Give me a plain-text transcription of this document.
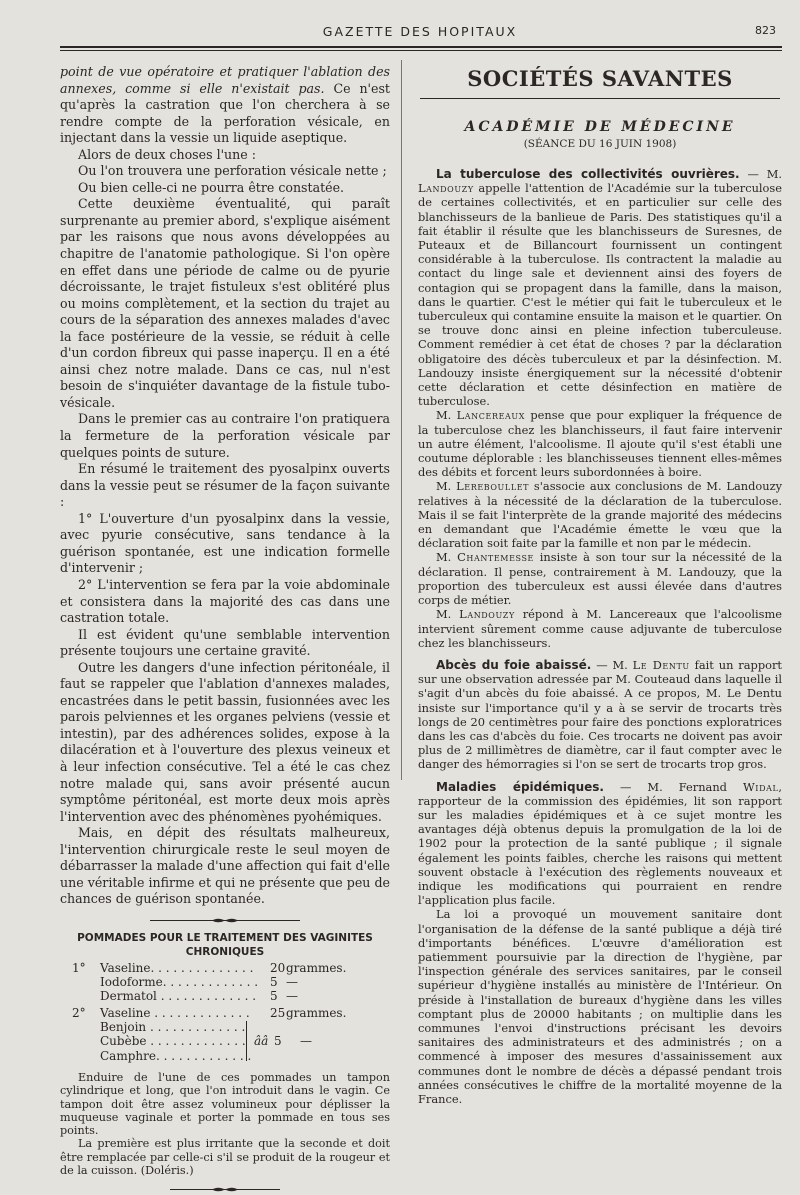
GAZETTE DES HOPITAUX	823

point de vue opératoire et pratiquer l'ablation des annexes, comme si elle n'existait pas. Ce n'est qu'après la castration que l'on cherchera à se rendre compte de la perforation vésicale, en injectant dans la vessie un liquide aseptique.

Alors de deux choses l'une :

Ou l'on trouvera une perforation vésicale nette ;

Ou bien celle-ci ne pourra être constatée.

Cette deuxième éventualité, qui paraît surprenante au premier abord, s'explique aisément par les raisons que nous avons développées au chapitre de l'anatomie pathologique. Si l'on opère en effet dans une période de calme ou de pyurie décroissante, le trajet fistuleux s'est oblitéré plus ou moins complètement, et la section du trajet au cours de la séparation des annexes malades d'avec la face postérieure de la vessie, se réduit à celle d'un cordon fibreux qui passe inaperçu. Il en a été ainsi chez notre malade. Dans ce cas, nul n'est besoin de s'inquiéter davantage de la fistule tubo-vésicale.

Dans le premier cas au contraire l'on pratiquera la fermeture de la perforation vésicale par quelques points de suture.

En résumé le traitement des pyosalpinx ouverts dans la vessie peut se résumer de la façon suivante :

1° L'ouverture d'un pyosalpinx dans la vessie, avec pyurie consécutive, sans tendance à la guérison spontanée, est une indication formelle d'intervenir ;

2° L'intervention se fera par la voie abdominale et consistera dans la majorité des cas dans une castration totale.

Il est évident qu'une semblable intervention présente toujours une certaine gravité.

Outre les dangers d'une infection péritonéale, il faut se rappeler que l'ablation d'annexes malades, encastrées dans le petit bassin, fusionnées avec les parois pelviennes et les organes pelviens (vessie et intestin), par des adhérences solides, expose à la dilacération et à l'ouverture des plexus veineux et à leur infection consécutive. Tel a été le cas chez notre malade qui, sans avoir présenté aucun symptôme péritonéal, est morte deux mois après l'intervention avec des phénomènes pyohémiques.

Mais, en dépit des résultats malheureux, l'intervention chirurgicale reste le seul moyen de débarrasser la malade d'une affection qui fait d'elle une véritable infirme et qui ne présente que peu de chances de guérison spontanée.

POMMADES POUR LE TRAITEMENT DES VAGINITES
CHRONIQUES
1° Vaseline. . . . . . . . . . . . . . 20 grammes.
Iodoforme. . . . . . . . . . . . . 5 —
Dermatol . . . . . . . . . . . . . 5 —
2° Vaseline . . . . . . . . . . . . . 25 grammes.
Benjoin . . . . . . . . . . . . .
Cubèbe . . . . . . . . . . . . . ââ	—
5
Camphre. . . . . . . . . . . . .

Enduire de l'une de ces pommades un tampon cylindrique et long, que l'on introduit dans le vagin. Ce tampon doit être assez volumineux pour déplisser la muqueuse vaginale et porter la pommade en tous ses points.

La première est plus irritante que la seconde et doit être remplacée par celle-ci s'il se produit de la rougeur et de la cuisson. (Doléris.)

SOCIÉTÉS SAVANTES
ACADÉMIE DE MÉDECINE
(SÉANCE DU 16 JUIN 1908)

La tuberculose des collectivités ouvrières. — M. Landouzy appelle l'attention de l'Académie sur la tuberculose de certaines collectivités, et en particulier sur celle des blanchisseurs de la banlieue de Paris. Des statistiques qu'il a fait établir il résulte que les blanchisseurs de Suresnes, de Puteaux et de Billancourt fournissent un contingent considérable à la tuberculose. Ils contractent la maladie au contact du linge sale et deviennent ainsi des foyers de contagion qui se propagent dans la famille, dans la maison, dans le quartier. C'est le métier qui fait le tuberculeux et le tuberculeux qui contamine ensuite la maison et le quartier. On se trouve donc ainsi en pleine infection tuberculeuse. Comment remédier à cet état de choses ? par la déclaration obligatoire des décès tuberculeux et par la désinfection. M. Landouzy insiste énergiquement sur la nécessité d'obtenir cette déclaration et cette désinfection en matière de tuberculose.

M. Lancereaux pense que pour expliquer la fréquence de la tuberculose chez les blanchisseurs, il faut faire intervenir un autre élément, l'alcoolisme. Il ajoute qu'il s'est établi une coutume déplorable : les blanchisseuses tiennent elles-mêmes des débits et forcent leurs subordonnées à boire.

M. Lereboullet s'associe aux conclusions de M. Landouzy relatives à la nécessité de la déclaration de la tuberculose. Mais il se fait l'interprète de la grande majorité des médecins en demandant que l'Académie émette le vœu que la déclaration soit faite par la famille et non par le médecin.

M. Chantemesse insiste à son tour sur la nécessité de la déclaration. Il pense, contrairement à M. Landouzy, que la proportion des tuberculeux est aussi élevée dans d'autres corps de métier.

M. Landouzy répond à M. Lancereaux que l'alcoolisme intervient sûrement comme cause adjuvante de tuberculose chez les blanchisseurs.

Abcès du foie abaissé. — M. Le Dentu fait un rapport sur une observation adressée par M. Couteaud dans laquelle il s'agit d'un abcès du foie abaissé. A ce propos, M. Le Dentu insiste sur l'importance qu'il y a à se servir de trocarts très longs de 20 centimètres pour faire des ponctions exploratrices dans les cas d'abcès du foie. Ces trocarts ne doivent pas avoir plus de 2 millimètres de diamètre, car il faut compter avec le danger des hémorragies si l'on se sert de trocarts trop gros.

Maladies épidémiques. — M. Fernand Widal, rapporteur de la commission des épidémies, lit son rapport sur les maladies épidémiques et à ce sujet montre les avantages déjà obtenus depuis la promulgation de la loi de 1902 pour la protection de la santé publique ; il signale également les points faibles, cherche les raisons qui mettent souvent obstacle à l'exécution des règlements nouveaux et indique les modifications qui pourraient en rendre l'application plus facile.

La loi a provoqué un mouvement sanitaire dont l'organisation de la défense de la santé publique a déjà tiré d'importants bénéfices. L'œuvre d'amélioration est patiemment poursuivie par la direction de l'hygiène, par l'inspection générale des services sanitaires, par le conseil supérieur d'hygiène installés au ministère de l'Intérieur. On préside à l'installation de bureaux d'hygiène dans les villes comptant plus de 20000 habitants ; on multiplie dans les communes l'envoi d'instructions précisant les devoirs sanitaires des administrateurs et des administrés ; on a commencé à imposer des mesures d'assainissement aux communes dont le nombre de décès a dépassé pendant trois années consécutives le chiffre de la mortalité moyenne de la France.
